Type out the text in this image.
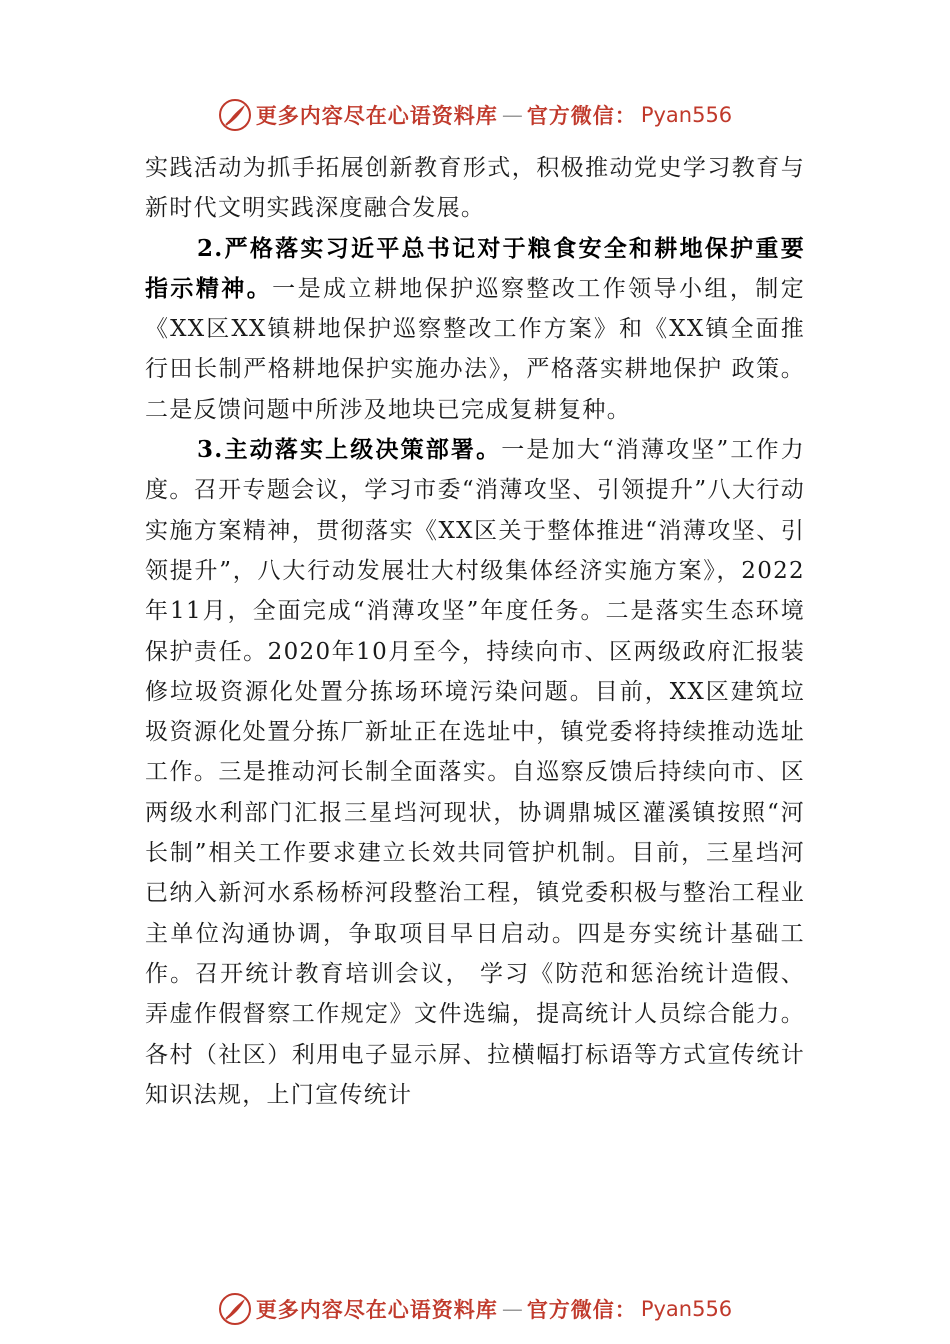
更多内容尽在心语资料库 — 官方微信： Pyan556

实践活动为抓手拓展创新教育形式，积极推动党史学习教育与新时代文明实践深度融合发展。

2.严格落实习近平总书记对于粮食安全和耕地保护重要指示精神。一是成立耕地保护巡察整改工作领导小组，制定《XX区XX镇耕地保护巡察整改工作方案》和《XX镇全面推行田长制严格耕地保护实施办法》，严格落实耕地保护 政策。二是反馈问题中所涉及地块已完成复耕复种。

3.主动落实上级决策部署。一是加大“消薄攻坚”工作力度。召开专题会议，学习市委“消薄攻坚、引领提升”八大行动实施方案精神，贯彻落实《XX区关于整体推进“消薄攻坚、引领提升”，八大行动发展壮大村级集体经济实施方案》，2022年11月，全面完成“消薄攻坚”年度任务。二是落实生态环境保护责任。2020年10月至今，持续向市、区两级政府汇报装修垃圾资源化处置分拣场环境污染问题。目前，XX区建筑垃圾资源化处置分拣厂新址正在选址中，镇党委将持续推动选址工作。三是推动河长制全面落实。自巡察反馈后持续向市、区两级水利部门汇报三星垱河现状，协调鼎城区灌溪镇按照“河长制”相关工作要求建立长效共同管护机制。目前，三星垱河已纳入新河水系杨桥河段整治工程，镇党委积极与整治工程业主单位沟通协调，争取项目早日启动。四是夯实统计基础工作。召开统计教育培训会议， 学习《防范和惩治统计造假、弄虚作假督察工作规定》文件选编，提高统计人员综合能力。各村（社区）利用电子显示屏、拉横幅打标语等方式宣传统计知识法规，上门宣传统计

更多内容尽在心语资料库 — 官方微信： Pyan556
